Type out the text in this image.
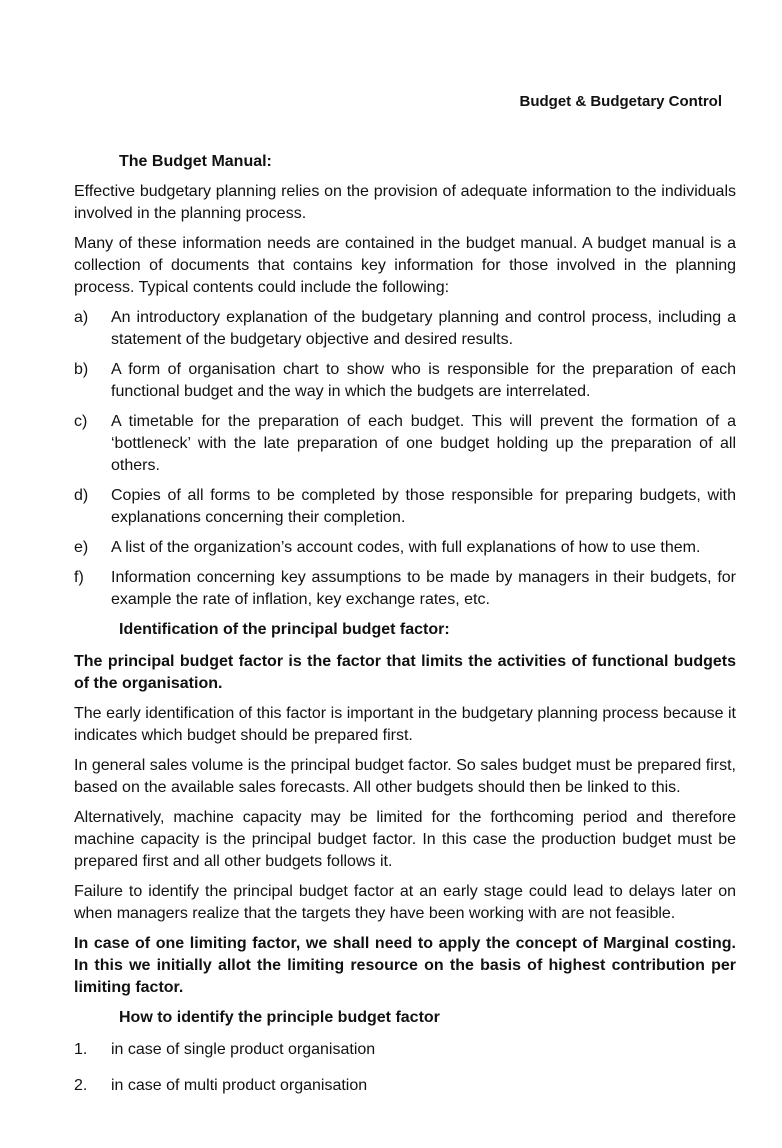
Budget & Budgetary Control
The Budget Manual:

Effective budgetary planning relies on the provision of adequate information to the individuals involved in the planning process.

Many of these information needs are contained in the budget manual. A budget manual is a collection of documents that contains key information for those involved in the planning process. Typical contents could include the following:

a) An introductory explanation of the budgetary planning and control process, including a statement of the budgetary objective and desired results.
b) A form of organisation chart to show who is responsible for the preparation of each functional budget and the way in which the budgets are interrelated.
c) A timetable for the preparation of each budget. This will prevent the formation of a ‘bottleneck’ with the late preparation of one budget holding up the preparation of all others.
d) Copies of all forms to be completed by those responsible for preparing budgets, with explanations concerning their completion.
e) A list of the organization’s account codes, with full explanations of how to use them.
f) Information concerning key assumptions to be made by managers in their budgets, for example the rate of inflation, key exchange rates, etc.
Identification of the principal budget factor:

The principal budget factor is the factor that limits the activities of functional budgets of the organisation.

The early identification of this factor is important in the budgetary planning process because it indicates which budget should be prepared first.

In general sales volume is the principal budget factor. So sales budget must be prepared first, based on the available sales forecasts. All other budgets should then be linked to this.

Alternatively, machine capacity may be limited for the forthcoming period and therefore machine capacity is the principal budget factor. In this case the production budget must be prepared first and all other budgets follows it.

Failure to identify the principal budget factor at an early stage could lead to delays later on when managers realize that the targets they have been working with are not feasible.

In case of one limiting factor, we shall need to apply the concept of Marginal costing. In this we initially allot the limiting resource on the basis of highest contribution per limiting factor.

How to identify the principle budget factor
1. in case of single product organisation
2. in case of multi product organisation
